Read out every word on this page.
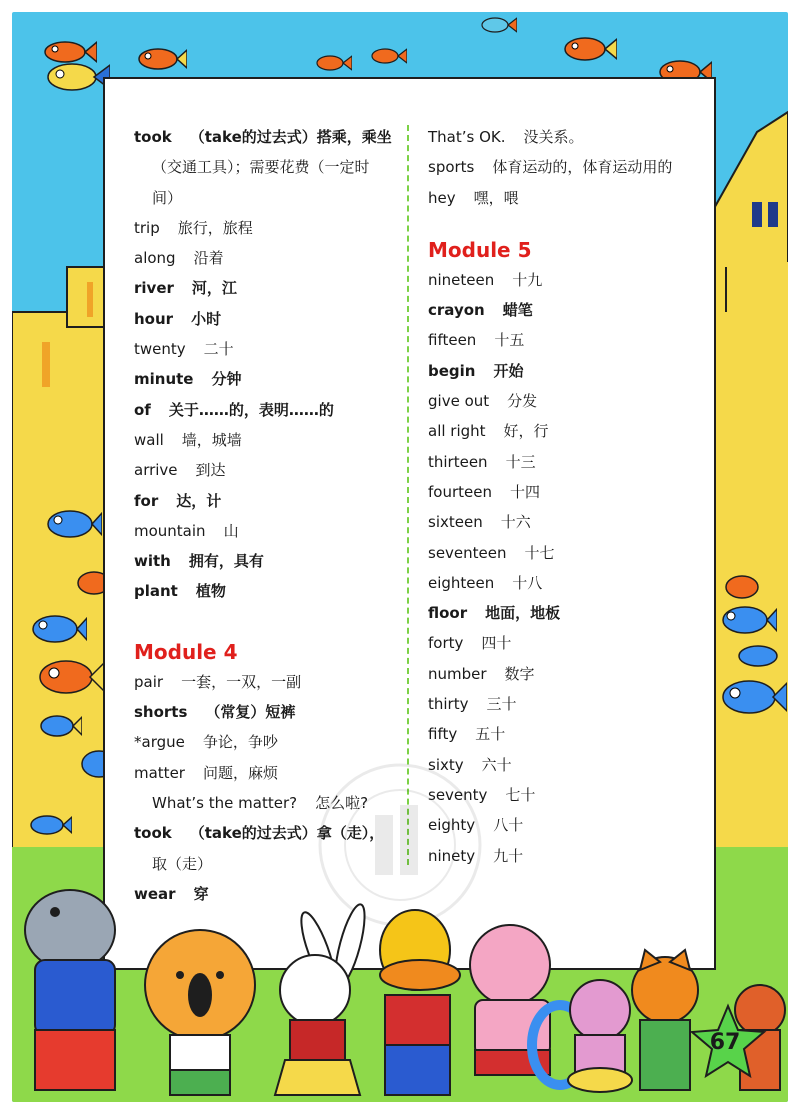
took （take的过去式）搭乘，乘坐
（交通工具）；需要花费（一定时
间）
trip 旅行，旅程
along 沿着
river 河，江
hour 小时
twenty 二十
minute 分钟
of 关于……的，表明……的
wall 墙，城墙
arrive 到达
for 达，计
mountain 山
with 拥有，具有
plant 植物
Module 4
pair 一套，一双，一副
shorts （常复）短裤
*argue 争论，争吵
matter 问题，麻烦
What’s the matter? 怎么啦?
took （take的过去式）拿（走），
取（走）
wear 穿
That’s OK. 没关系。
sports 体育运动的，体育运动用的
hey 嘿，喂
Module 5
nineteen 十九
crayon 蜡笔
fifteen 十五
begin 开始
give out 分发
all right 好，行
thirteen 十三
fourteen 十四
sixteen 十六
seventeen 十七
eighteen 十八
floor 地面，地板
forty 四十
number 数字
thirty 三十
fifty 五十
sixty 六十
seventy 七十
eighty 八十
ninety 九十
67
